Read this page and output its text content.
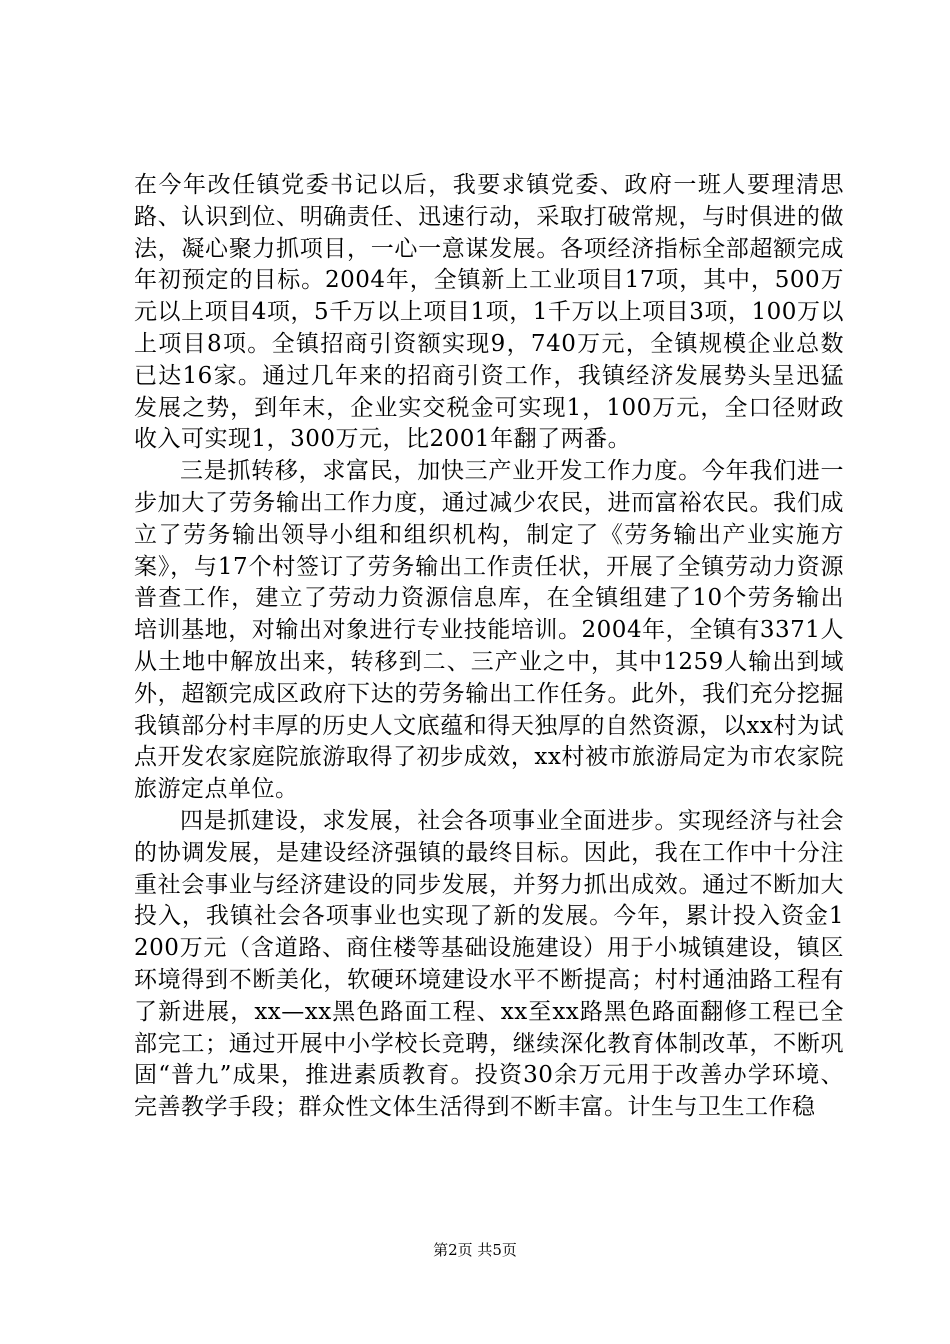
在今年改任镇党委书记以后，我要求镇党委、政府一班人要理清思路、认识到位、明确责任、迅速行动，采取打破常规，与时俱进的做法，凝心聚力抓项目，一心一意谋发展。各项经济指标全部超额完成年初预定的目标。2004年，全镇新上工业项目17项，其中，500万元以上项目4项，5千万以上项目1项，1千万以上项目3项，100万以上项目8项。全镇招商引资额实现9，740万元，全镇规模企业总数已达16家。通过几年来的招商引资工作，我镇经济发展势头呈迅猛发展之势，到年末，企业实交税金可实现1，100万元，全口径财政收入可实现1，300万元，比2001年翻了两番。

三是抓转移，求富民，加快三产业开发工作力度。今年我们进一步加大了劳务输出工作力度，通过减少农民，进而富裕农民。我们成立了劳务输出领导小组和组织机构，制定了《劳务输出产业实施方案》，与17个村签订了劳务输出工作责任状，开展了全镇劳动力资源普查工作，建立了劳动力资源信息库，在全镇组建了10个劳务输出培训基地，对输出对象进行专业技能培训。2004年，全镇有3371人从土地中解放出来，转移到二、三产业之中，其中1259人输出到域外，超额完成区政府下达的劳务输出工作任务。此外，我们充分挖掘我镇部分村丰厚的历史人文底蕴和得天独厚的自然资源，以xx村为试点开发农家庭院旅游取得了初步成效，xx村被市旅游局定为市农家院旅游定点单位。

四是抓建设，求发展，社会各项事业全面进步。实现经济与社会的协调发展，是建设经济强镇的最终目标。因此，我在工作中十分注重社会事业与经济建设的同步发展，并努力抓出成效。通过不断加大投入，我镇社会各项事业也实现了新的发展。今年，累计投入资金1200万元（含道路、商住楼等基础设施建设）用于小城镇建设，镇区环境得到不断美化，软硬环境建设水平不断提高；村村通油路工程有了新进展，xx—xx黑色路面工程、xx至xx路黑色路面翻修工程已全部完工；通过开展中小学校长竞聘，继续深化教育体制改革，不断巩固“普九”成果，推进素质教育。投资30余万元用于改善办学环境、完善教学手段；群众性文体生活得到不断丰富。计生与卫生工作稳

第2页 共5页
